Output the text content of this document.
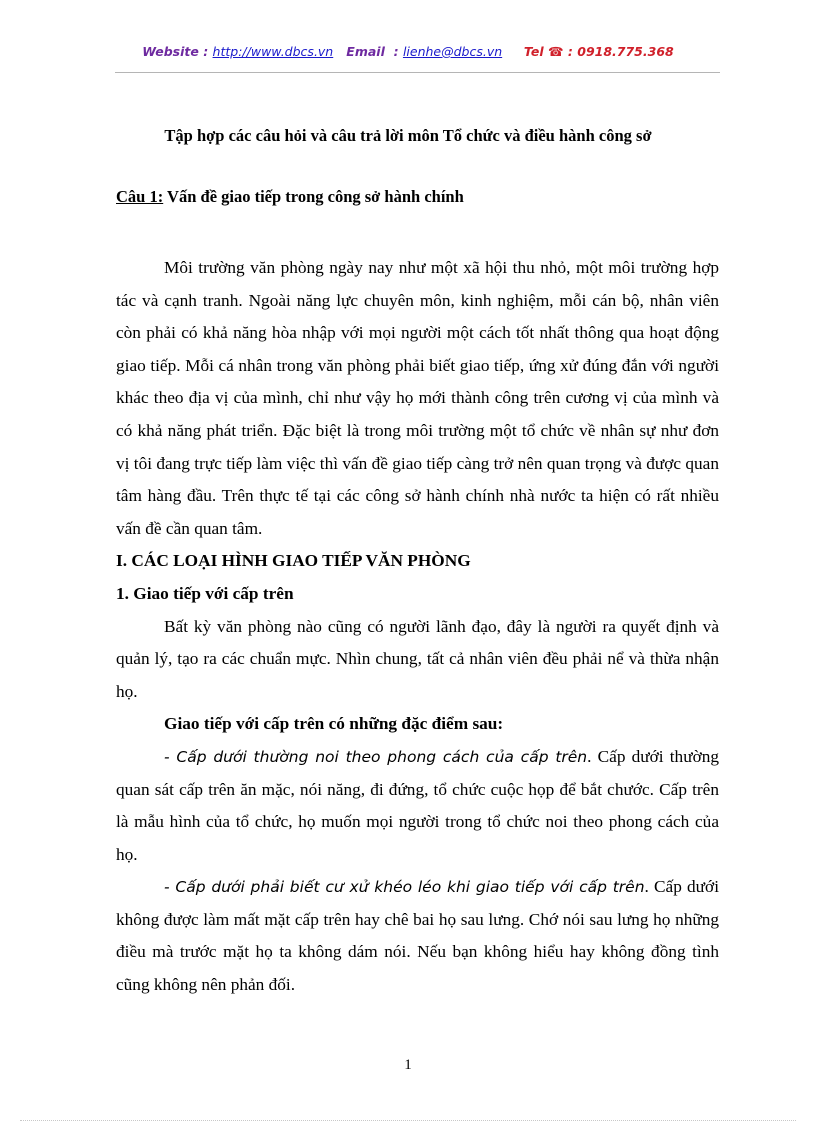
Website : http://www.dbcs.vn Email  : lienhe@dbcs.vn Tel ☎ : 0918.775.368
Tập hợp các câu hỏi và câu trả lời môn Tổ chức và điều hành công sở
Câu 1: Vấn đề giao tiếp trong công sở hành chính

Môi trường văn phòng ngày nay như một xã hội thu nhỏ, một môi trường hợp tác và cạnh tranh. Ngoài năng lực chuyên môn, kinh nghiệm, mỗi cán bộ, nhân viên còn phải có khả năng hòa nhập với mọi người một cách tốt nhất thông qua hoạt động giao tiếp. Mỗi cá nhân trong văn phòng phải biết giao tiếp, ứng xử đúng đắn với người khác theo địa vị của mình, chỉ như vậy họ mới thành công trên cương vị của mình và có khả năng phát triển. Đặc biệt là trong môi trường một tổ chức về nhân sự như đơn vị tôi đang trực tiếp làm việc thì vấn đề giao tiếp càng trở nên quan trọng và được quan tâm hàng đầu. Trên thực tế tại các công sở hành chính nhà nước ta hiện có rất nhiều vấn đề cần quan tâm.

I. CÁC LOẠI HÌNH GIAO TIẾP VĂN PHÒNG

1. Giao tiếp với cấp trên

Bất kỳ văn phòng nào cũng có người lãnh đạo, đây là người ra quyết định và quản lý, tạo ra các chuẩn mực. Nhìn chung, tất cả nhân viên đều phải nể và thừa nhận họ.

Giao tiếp với cấp trên có những đặc điểm sau:

- Cấp dưới thường noi theo phong cách của cấp trên. Cấp dưới thường quan sát cấp trên ăn mặc, nói năng, đi đứng, tổ chức cuộc họp để bắt chước. Cấp trên là mẫu hình của tổ chức, họ muốn mọi người trong tổ chức noi theo phong cách của họ.

- Cấp dưới phải biết cư xử khéo léo khi giao tiếp với cấp trên. Cấp dưới không được làm mất mặt cấp trên hay chê bai họ sau lưng. Chớ nói sau lưng họ những điều mà trước mặt họ ta không dám nói. Nếu bạn không hiểu hay không đồng tình cũng không nên phản đối.

1
